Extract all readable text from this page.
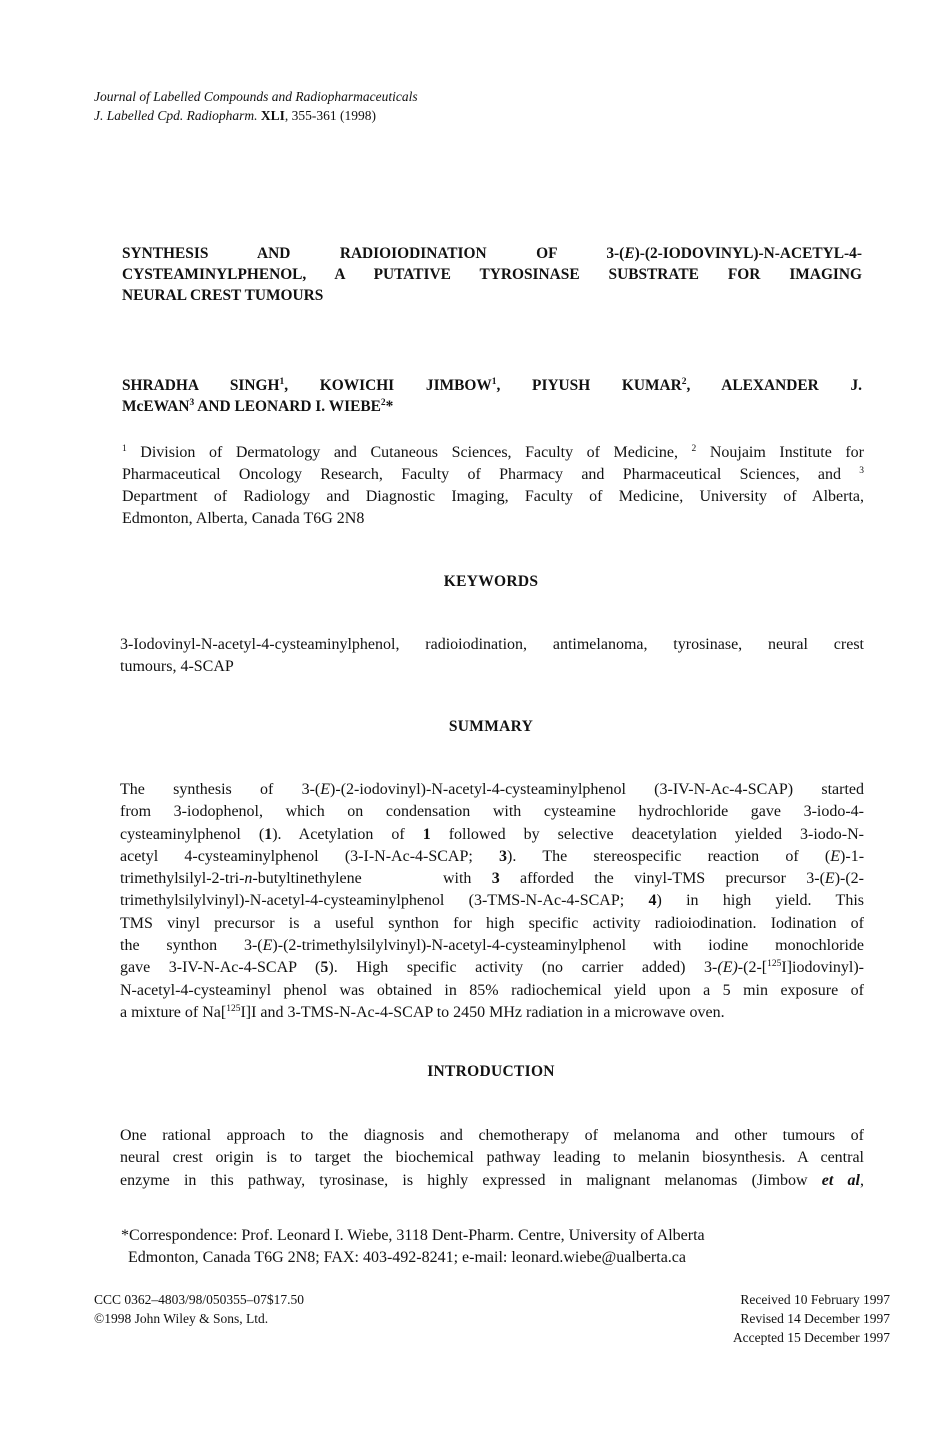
Journal of Labelled Compounds and Radiopharmaceuticals
J. Labelled Cpd. Radiopharm. XLI, 355-361 (1998)
SYNTHESIS AND RADIOIODINATION OF 3-(E)-(2-IODOVINYL)-N-ACETYL-4-
CYSTEAMINYLPHENOL, A PUTATIVE TYROSINASE SUBSTRATE FOR IMAGING
NEURAL CREST TUMOURS
SHRADHA SINGH$^1$, KOWICHI JIMBOW$^1$, PIYUSH KUMAR$^2$, ALEXANDER J.
McEWAN$^3$ AND LEONARD I. WIEBE$^2$*
$^1$ Division of Dermatology and Cutaneous Sciences, Faculty of Medicine, $^2$ Noujaim Institute for
Pharmaceutical Oncology Research, Faculty of Pharmacy and Pharmaceutical Sciences, and $^3$
Department of Radiology and Diagnostic Imaging, Faculty of Medicine, University of Alberta,
Edmonton, Alberta, Canada T6G 2N8
KEYWORDS
3-Iodovinyl-N-acetyl-4-cysteaminylphenol, radioiodination, antimelanoma, tyrosinase, neural crest
tumours, 4-SCAP
SUMMARY
The synthesis of 3-(E)-(2-iodovinyl)-N-acetyl-4-cysteaminylphenol (3-IV-N-Ac-4-SCAP) started
from 3-iodophenol, which on condensation with cysteamine hydrochloride gave 3-iodo-4-
cysteaminylphenol (1). Acetylation of 1 followed by selective deacetylation yielded 3-iodo-N-
acetyl 4-cysteaminylphenol (3-I-N-Ac-4-SCAP; 3). The stereospecific reaction of (E)-1-
trimethylsilyl-2-tri-n-butyltinethylene    with 3 afforded the vinyl-TMS precursor 3-(E)-(2-
trimethylsilylvinyl)-N-acetyl-4-cysteaminylphenol (3-TMS-N-Ac-4-SCAP; 4) in high yield. This
TMS vinyl precursor is a useful synthon for high specific activity radioiodination. Iodination of
the synthon 3-(E)-(2-trimethylsilylvinyl)-N-acetyl-4-cysteaminylphenol with iodine monochloride
gave 3-IV-N-Ac-4-SCAP (5). High specific activity (no carrier added) 3-(E)-(2-[$^{125}$I]iodovinyl)-
N-acetyl-4-cysteaminyl phenol was obtained in 85% radiochemical yield upon a 5 min exposure of
a mixture of Na[$^{125}$I]I and 3-TMS-N-Ac-4-SCAP to 2450 MHz radiation in a microwave oven.
INTRODUCTION
One rational approach to the diagnosis and chemotherapy of melanoma and other tumours of
neural crest origin is to target the biochemical pathway leading to melanin biosynthesis. A central
enzyme in this pathway, tyrosinase, is highly expressed in malignant melanomas (Jimbow et al,
*Correspondence: Prof. Leonard I. Wiebe, 3118 Dent-Pharm. Centre, University of Alberta
Edmonton, Canada T6G 2N8; FAX: 403-492-8241; e-mail: leonard.wiebe@ualberta.ca
CCC 0362–4803/98/050355–07$17.50
©1998 John Wiley & Sons, Ltd.
Received 10 February 1997
Revised 14 December 1997
Accepted 15 December 1997
